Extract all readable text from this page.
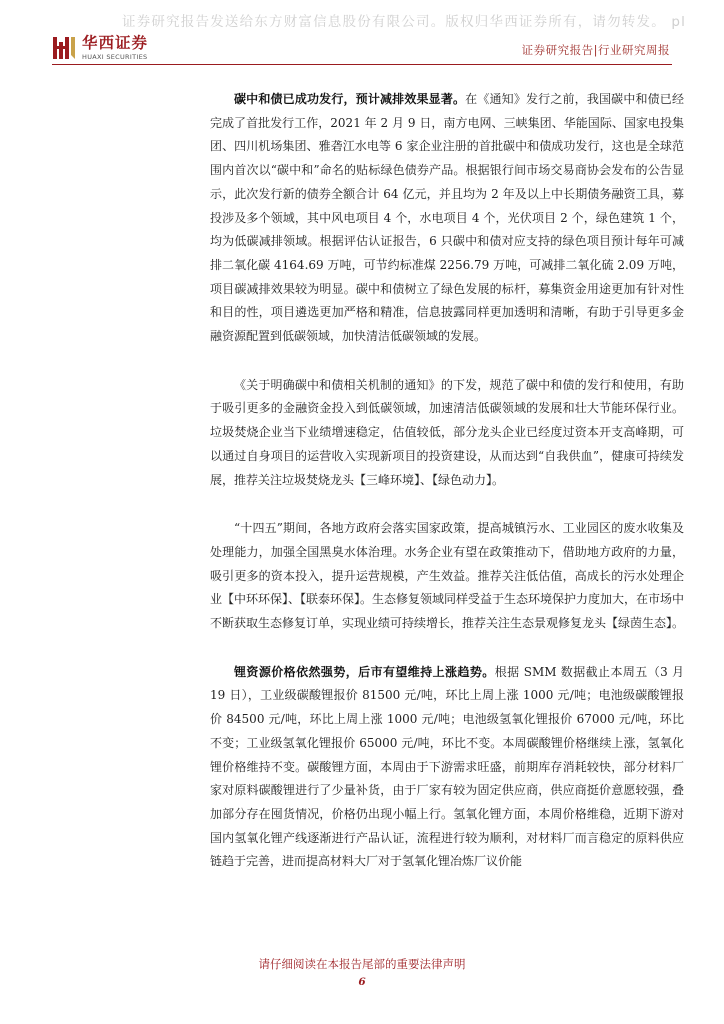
证券研究报告发送给东方财富信息股份有限公司。版权归华西证券所有，请勿转发。 pl
华西证券
HUAXI SECURITIES	证券研究报告|行业研究周报

碳中和债已成功发行，预计减排效果显著。在《通知》发行之前，我国碳中和债已经完成了首批发行工作，2021 年 2 月 9 日，南方电网、三峡集团、华能国际、国家电投集团、四川机场集团、雅砻江水电等 6 家企业注册的首批碳中和债成功发行，这也是全球范围内首次以“碳中和”命名的贴标绿色债券产品。根据银行间市场交易商协会发布的公告显示，此次发行新的债券全额合计 64 亿元，并且均为 2 年及以上中长期债务融资工具，募投涉及多个领域，其中风电项目 4 个，水电项目 4 个，光伏项目 2 个，绿色建筑 1 个，均为低碳减排领域。根据评估认证报告，6 只碳中和债对应支持的绿色项目预计每年可减排二氧化碳 4164.69 万吨，可节约标准煤 2256.79 万吨，可减排二氧化硫 2.09 万吨，项目碳减排效果较为明显。碳中和债树立了绿色发展的标杆，募集资金用途更加有针对性和目的性，项目遴选更加严格和精准，信息披露同样更加透明和清晰，有助于引导更多金融资源配置到低碳领域，加快清洁低碳领域的发展。

《关于明确碳中和债相关机制的通知》的下发，规范了碳中和债的发行和使用，有助于吸引更多的金融资金投入到低碳领域，加速清洁低碳领域的发展和壮大节能环保行业。垃圾焚烧企业当下业绩增速稳定，估值较低，部分龙头企业已经度过资本开支高峰期，可以通过自身项目的运营收入实现新项目的投资建设，从而达到“自我供血”，健康可持续发展，推荐关注垃圾焚烧龙头【三峰环境】、【绿色动力】。

“十四五”期间，各地方政府会落实国家政策，提高城镇污水、工业园区的废水收集及处理能力，加强全国黑臭水体治理。水务企业有望在政策推动下，借助地方政府的力量，吸引更多的资本投入，提升运营规模，产生效益。推荐关注低估值，高成长的污水处理企业【中环环保】、【联泰环保】。生态修复领域同样受益于生态环境保护力度加大，在市场中不断获取生态修复订单，实现业绩可持续增长，推荐关注生态景观修复龙头【绿茵生态】。

锂资源价格依然强势，后市有望维持上涨趋势。根据 SMM 数据截止本周五（3 月 19 日），工业级碳酸锂报价 81500 元/吨，环比上周上涨 1000 元/吨；电池级碳酸锂报价 84500 元/吨，环比上周上涨 1000 元/吨；电池级氢氧化锂报价 67000 元/吨，环比不变；工业级氢氧化锂报价 65000 元/吨，环比不变。本周碳酸锂价格继续上涨，氢氧化锂价格维持不变。碳酸锂方面，本周由于下游需求旺盛，前期库存消耗较快，部分材料厂家对原料碳酸锂进行了少量补货，由于厂家有较为固定供应商，供应商挺价意愿较强，叠加部分存在囤货情况，价格仍出现小幅上行。氢氧化锂方面，本周价格维稳，近期下游对国内氢氧化锂产线逐渐进行产品认证，流程进行较为顺利，对材料厂而言稳定的原料供应链趋于完善，进而提高材料大厂对于氢氧化锂冶炼厂议价能

请仔细阅读在本报告尾部的重要法律声明
6
